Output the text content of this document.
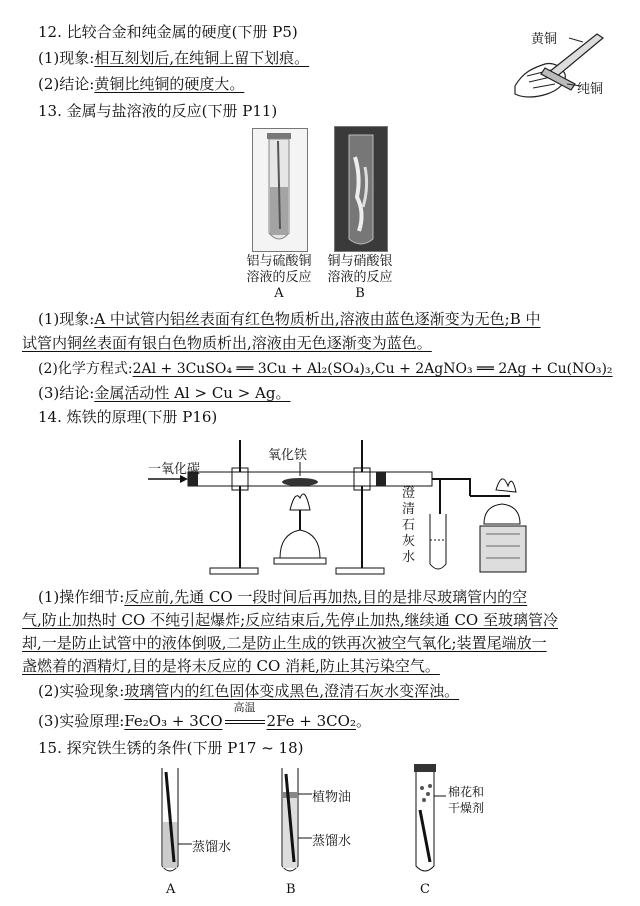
12. 比较合金和纯金属的硬度(下册 P5)
(1)现象:相互刻划后,在纯铜上留下划痕。
(2)结论:黄铜比纯铜的硬度大。
黄铜
纯铜
13. 金属与盐溶液的反应(下册 P11)
铝与硫酸铜
溶液的反应
A
铜与硝酸银
溶液的反应
B
(1)现象:A 中试管内铝丝表面有红色物质析出,溶液由蓝色逐渐变为无色;B 中
试管内铜丝表面有银白色物质析出,溶液由无色逐渐变为蓝色。
(2)化学方程式:2Al + 3CuSO₄ ══ 3Cu + Al₂(SO₄)₃,Cu + 2AgNO₃ ══ 2Ag + Cu(NO₃)₂
(3)结论:金属活动性 Al > Cu > Ag。
14. 炼铁的原理(下册 P16)
一氧化碳
氧化铁
澄
清
石
灰
水
(1)操作细节:反应前,先通 CO 一段时间后再加热,目的是排尽玻璃管内的空
气,防止加热时 CO 不纯引起爆炸;反应结束后,先停止加热,继续通 CO 至玻璃管冷
却,一是防止试管中的液体倒吸,二是防止生成的铁再次被空气氧化;装置尾端放一
盏燃着的酒精灯,目的是将未反应的 CO 消耗,防止其污染空气。
(2)实验现象:玻璃管内的红色固体变成黑色,澄清石灰水变浑浊。
(3)实验原理:Fe₂O₃ + 3CO
高温
2Fe + 3CO₂。
15. 探究铁生锈的条件(下册 P17 ~ 18)
蒸馏水
A
植物油
蒸馏水
B
棉花和
干燥剂
C
